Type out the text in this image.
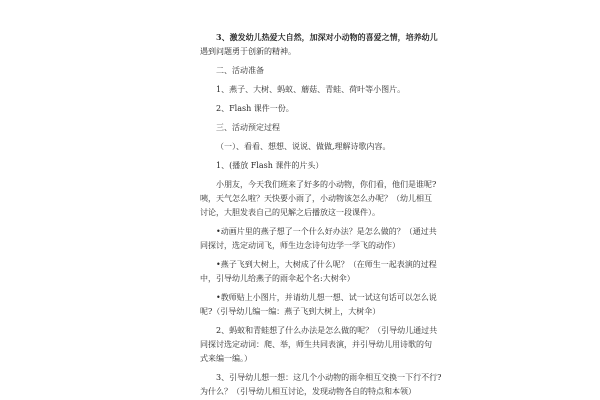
3、激发幼儿热爱大自然，加深对小动物的喜爱之情，培养幼儿

遇到问题勇于创新的精神。

二、活动准备

1、燕子、大树、蚂蚁、蘑菇、青蛙、荷叶等小图片。

2、Flash 课件一份。

三、活动预定过程

（一）、看看、想想、说说、做做,理解诗歌内容。

1、(播放 Flash 课件的片头）

小朋友，今天我们班来了好多的小动物，你们看，他们是谁呢?

咦，天气怎么啦？天快要小雨了，小动物该怎么办呢？（幼儿相互

讨论，大胆发表自己的见解之后播放这一段课件）。

•动画片里的燕子想了一个什么好办法？是怎么做的？（通过共

同探讨，选定动词飞，师生边念诗句边学一学飞的动作）

•燕子飞到大树上，大树成了什么呢？（在师生一起表演的过程

中，引导幼儿给燕子的雨伞起个名:大树伞）

•教师贴上小图片，并请幼儿想一想、试一试这句话可以怎么说

呢?（引导幼儿编一编：燕子飞到大树上，大树伞）

2、蚂蚁和青蛙想了什么办法是怎么做的呢？（引导幼儿通过共

同探讨选定动词：爬、举，师生共同表演，并引导幼儿用诗歌的句

式来编一编。）

3、引导幼儿想一想：这几个小动物的雨伞相互交换一下行不行?

为什么？（引导幼儿相互讨论，发现动物各自的特点和本领）
